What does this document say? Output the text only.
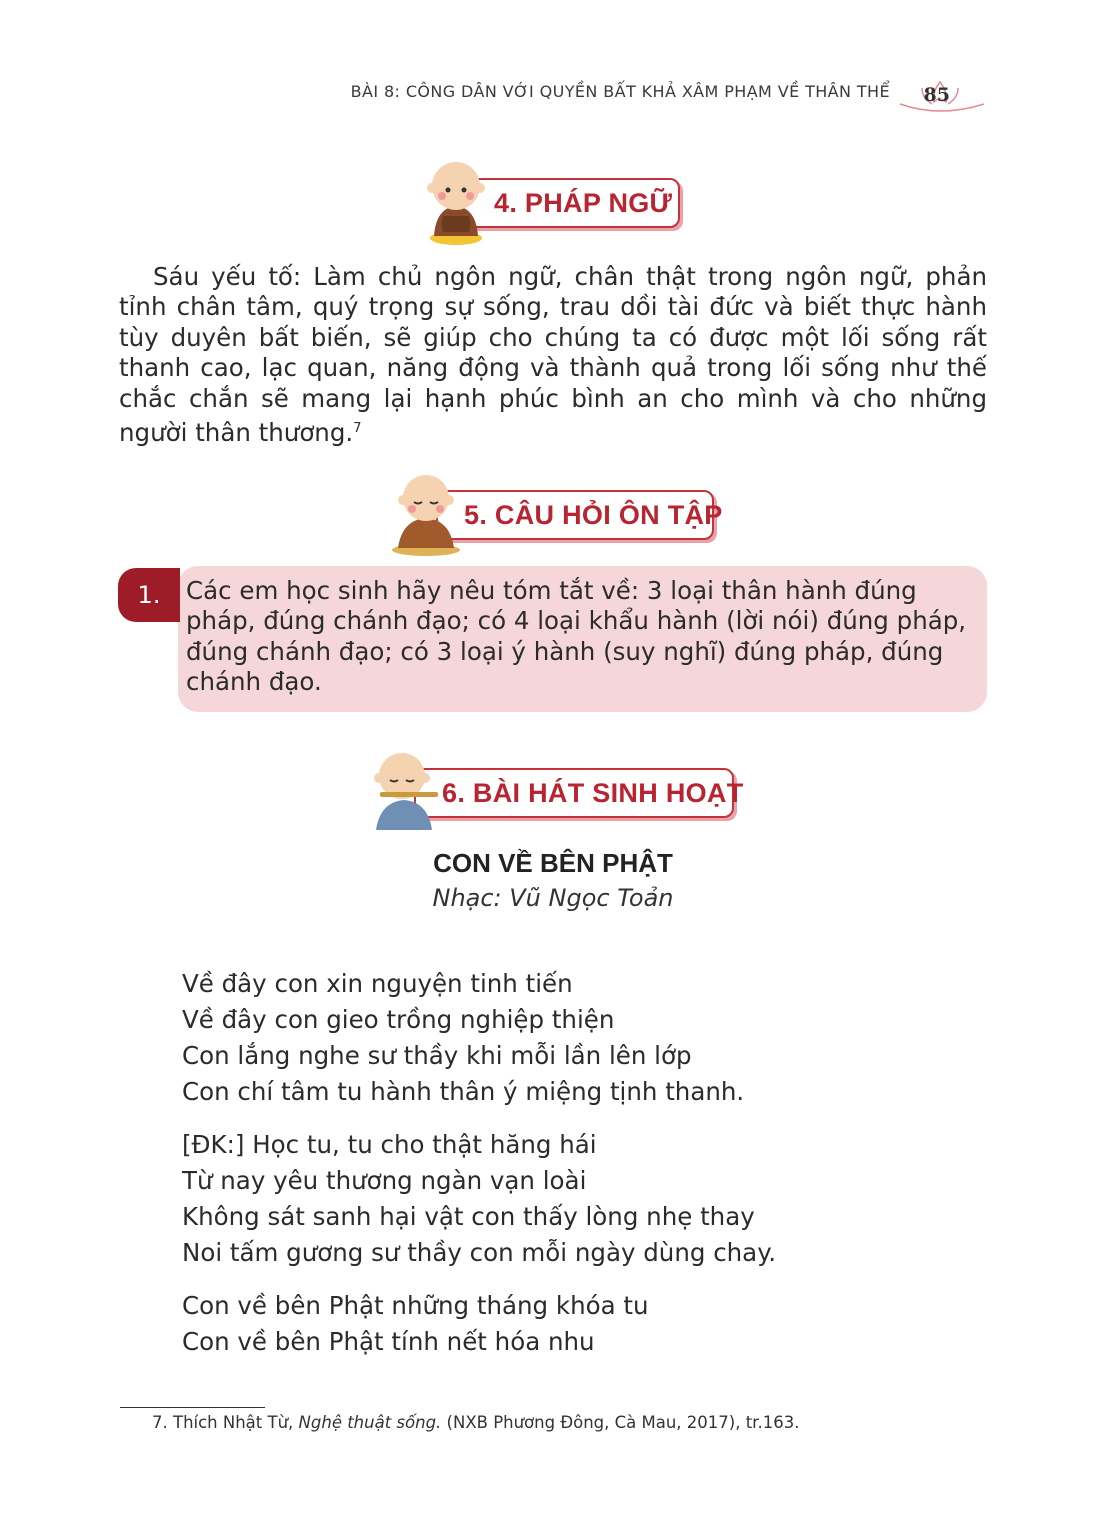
BÀI 8: CÔNG DÂN VỚI QUYỀN BẤT KHẢ XÂM PHẠM VỀ THÂN THỂ 85
4. PHÁP NGỮ

Sáu yếu tố: Làm chủ ngôn ngữ, chân thật trong ngôn ngữ, phản tỉnh chân tâm, quý trọng sự sống, trau dồi tài đức và biết thực hành tùy duyên bất biến, sẽ giúp cho chúng ta có được một lối sống rất thanh cao, lạc quan, năng động và thành quả trong lối sống như thế chắc chắn sẽ mang lại hạnh phúc bình an cho mình và cho những người thân thương.$^7$

5. CÂU HỎI ÔN TẬP
1.	Các em học sinh hãy nêu tóm tắt về: 3 loại thân hành đúng pháp, đúng chánh đạo; có 4 loại khẩu hành (lời nói) đúng pháp, đúng chánh đạo; có 3 loại ý hành (suy nghĩ) đúng pháp, đúng chánh đạo.

6. BÀI HÁT SINH HOẠT
CON VỀ BÊN PHẬT
Nhạc: Vũ Ngọc Toản
Về đây con xin nguyện tinh tiến
Về đây con gieo trồng nghiệp thiện
Con lắng nghe sư thầy khi mỗi lần lên lớp
Con chí tâm tu hành thân ý miệng tịnh thanh.
[ĐK:] Học tu, tu cho thật hăng hái
Từ nay yêu thương ngàn vạn loài
Không sát sanh hại vật con thấy lòng nhẹ thay
Noi tấm gương sư thầy con mỗi ngày dùng chay.
Con về bên Phật những tháng khóa tu
Con về bên Phật tính nết hóa nhu
7. Thích Nhật Từ, Nghệ thuật sống. (NXB Phương Đông, Cà Mau, 2017), tr.163.
